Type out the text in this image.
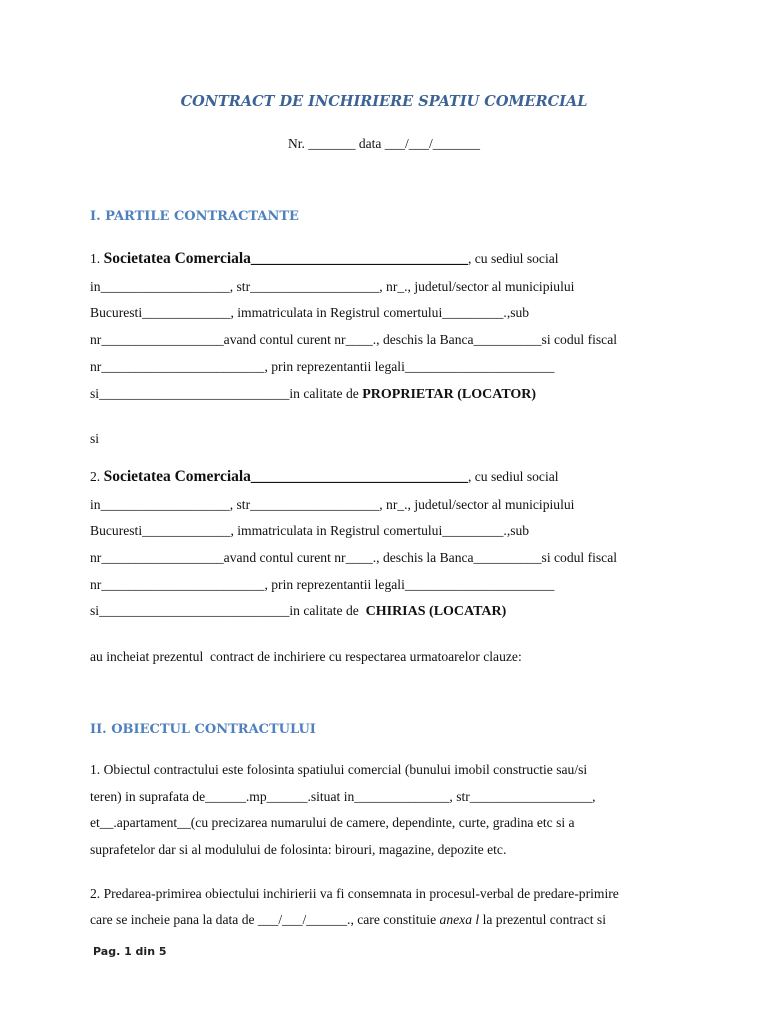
CONTRACT DE INCHIRIERE SPATIU COMERCIAL
Nr. _______ data ___/___/_______
I. PARTILE CONTRACTANTE
1. Societatea Comerciala____________________________, cu sediul social
in___________________, str___________________, nr_., judetul/sector al municipiului
Bucuresti_____________, immatriculata in Registrul comertului_________.,sub
nr__________________avand contul curent nr____., deschis la Banca__________si codul fiscal
nr________________________, prin reprezentantii legali______________________
si____________________________in calitate de PROPRIETAR (LOCATOR)
si
2. Societatea Comerciala____________________________, cu sediul social
in___________________, str___________________, nr_., judetul/sector al municipiului
Bucuresti_____________, immatriculata in Registrul comertului_________.,sub
nr__________________avand contul curent nr____., deschis la Banca__________si codul fiscal
nr________________________, prin reprezentantii legali______________________
si____________________________in calitate de  CHIRIAS (LOCATAR)
au incheiat prezentul  contract de inchiriere cu respectarea urmatoarelor clauze:
II. OBIECTUL CONTRACTULUI
1. Obiectul contractului este folosinta spatiului comercial (bunului imobil constructie sau/si
teren) in suprafata de______.mp______.situat in______________, str__________________,
et__.apartament__(cu precizarea numarului de camere, dependinte, curte, gradina etc si a
suprafetelor dar si al modulului de folosinta: birouri, magazine, depozite etc.
2. Predarea-primirea obiectului inchirierii va fi consemnata in procesul-verbal de predare-primire
care se incheie pana la data de ___/___/______., care constituie anexa l la prezentul contract si
Pag. 1 din 5
